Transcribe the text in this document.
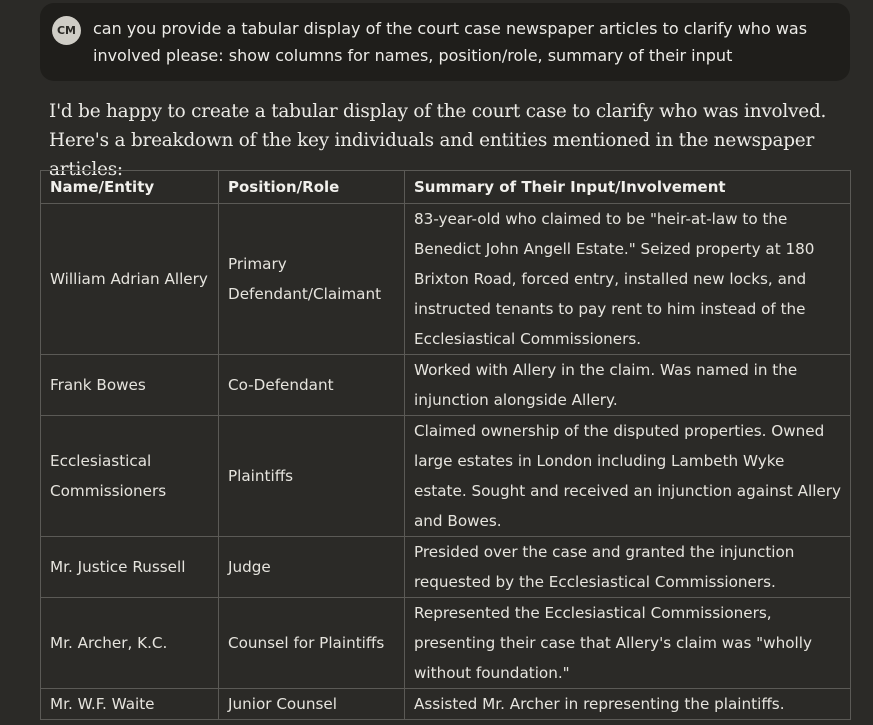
CM	can you provide a tabular display of the court case newspaper articles to clarify who was involved please: show columns for names, position/role, summary of their input
I'd be happy to create a tabular display of the court case to clarify who was involved. Here's a breakdown of the key individuals and entities mentioned in the newspaper articles:
Name/Entity	Position/Role	Summary of Their Input/Involvement
William Adrian Allery	Primary Defendant/Claimant	83-year-old who claimed to be "heir-at-law to the Benedict John Angell Estate." Seized property at 180 Brixton Road, forced entry, installed new locks, and instructed tenants to pay rent to him instead of the Ecclesiastical Commissioners.
Frank Bowes	Co-Defendant	Worked with Allery in the claim. Was named in the injunction alongside Allery.
Ecclesiastical Commissioners	Plaintiffs	Claimed ownership of the disputed properties. Owned large estates in London including Lambeth Wyke estate. Sought and received an injunction against Allery and Bowes.
Mr. Justice Russell	Judge	Presided over the case and granted the injunction requested by the Ecclesiastical Commissioners.
Mr. Archer, K.C.	Counsel for Plaintiffs	Represented the Ecclesiastical Commissioners, presenting their case that Allery's claim was "wholly without foundation."
Mr. W.F. Waite	Junior Counsel	Assisted Mr. Archer in representing the plaintiffs.
